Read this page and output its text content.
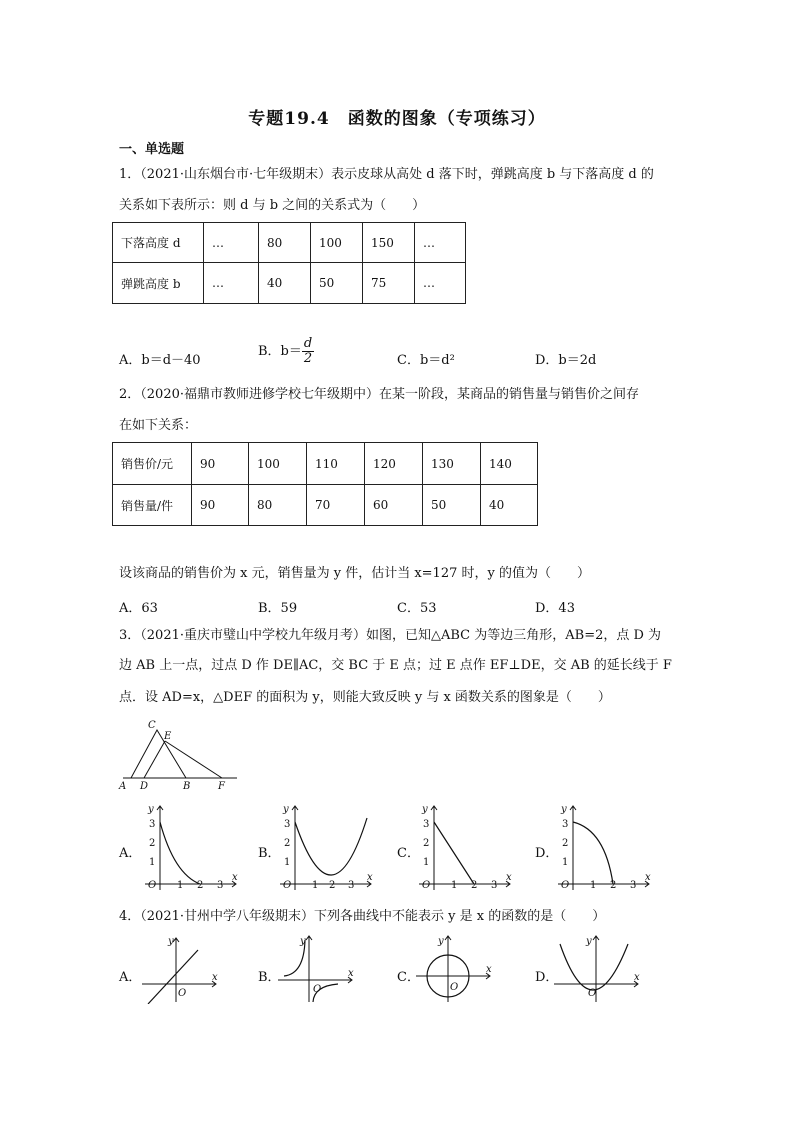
专题19.4　函数的图象（专项练习）
一、单选题
1．（2021·山东烟台市·七年级期末）表示皮球从高处 d 落下时，弹跳高度 b 与下落高度 d 的
关系如下表所示：则 d 与 b 之间的关系式为（　　）
下落高度 d	…	80	100	150	…
弹跳高度 b	…	40	50	75	…
A．b＝d－40
B．$b= \frac{d}{2}$	C．b＝d²	D．b＝2d
2．（2020·福鼎市教师进修学校七年级期中）在某一阶段，某商品的销售量与销售价之间存
在如下关系：
销售价/元	90	100	110	120	130	140
销售量/件	90	80	70	60	50	40
设该商品的销售价为 x 元，销售量为 y 件，估计当 x=127 时，y 的值为（　　）
A．63	B．59	C．53	D．43
3．（2021·重庆市璧山中学校九年级月考）如图，已知△ABC 为等边三角形，AB=2，点 D 为
边 AB 上一点，过点 D 作 DE∥AC，交 BC 于 E 点；过 E 点作 EF⊥DE，交 AB 的延长线于 F
点．设 AD=x，△DEF 的面积为 y，则能大致反映 y 与 x 函数关系的图象是（　　）
C
E
A D	B	F
A．
y
x
O 1 2 3
1
2
3
B．
y
x
O 1 2 3
1
2
3
C．
y
x
O 1 2 3
1
2
3
D．
y
x
O 1 2 3
1
2
3
4．（2021·甘州中学八年级期末）下列各曲线中不能表示 y 是 x 的函数的是（　　）
A．
y
x
O
B．
y
x
O
C．
y
x
O
D．
y
x
O
